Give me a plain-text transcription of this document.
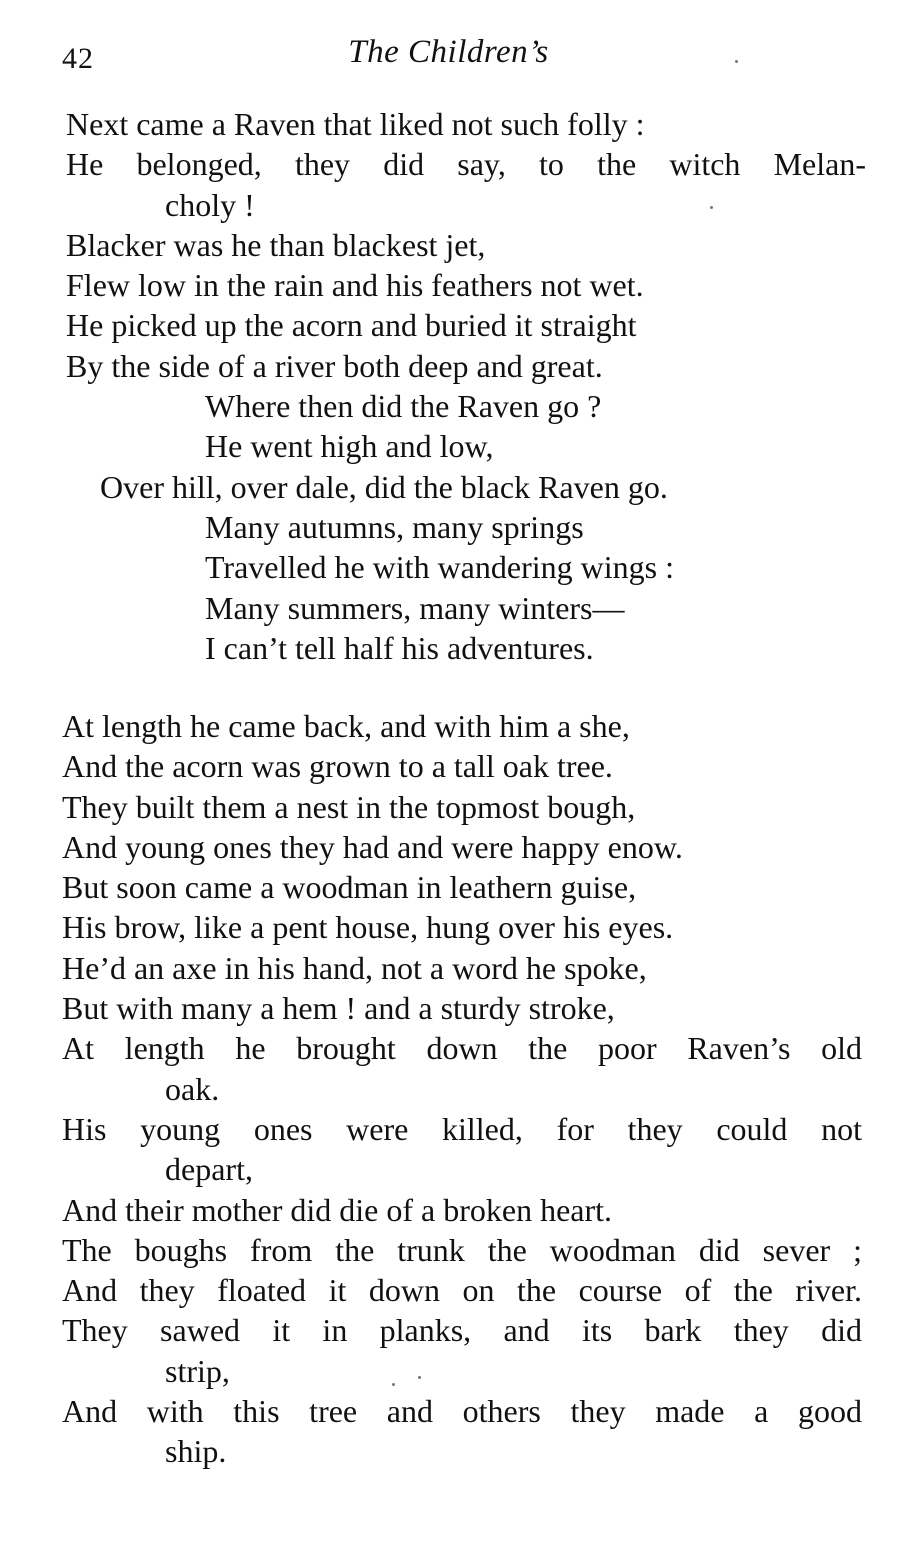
42	The Children’s
Next came a Raven that liked not such folly :
He belonged, they did say, to the witch Melan-
choly !
Blacker was he than blackest jet,
Flew low in the rain and his feathers not wet.
He picked up the acorn and buried it straight
By the side of a river both deep and great.
Where then did the Raven go ?
He went high and low,
Over hill, over dale, did the black Raven go.
Many autumns, many springs
Travelled he with wandering wings :
Many summers, many winters—
I can’t tell half his adventures.
At length he came back, and with him a she,
And the acorn was grown to a tall oak tree.
They built them a nest in the topmost bough,
And young ones they had and were happy enow.
But soon came a woodman in leathern guise,
His brow, like a pent house, hung over his eyes.
He’d an axe in his hand, not a word he spoke,
But with many a hem ! and a sturdy stroke,
At length he brought down the poor Raven’s old
oak.
His young ones were killed, for they could not
depart,
And their mother did die of a broken heart.
The boughs from the trunk the woodman did sever ;
And they floated it down on the course of the river.
They sawed it in planks, and its bark they did
strip,
And with this tree and others they made a good
ship.
